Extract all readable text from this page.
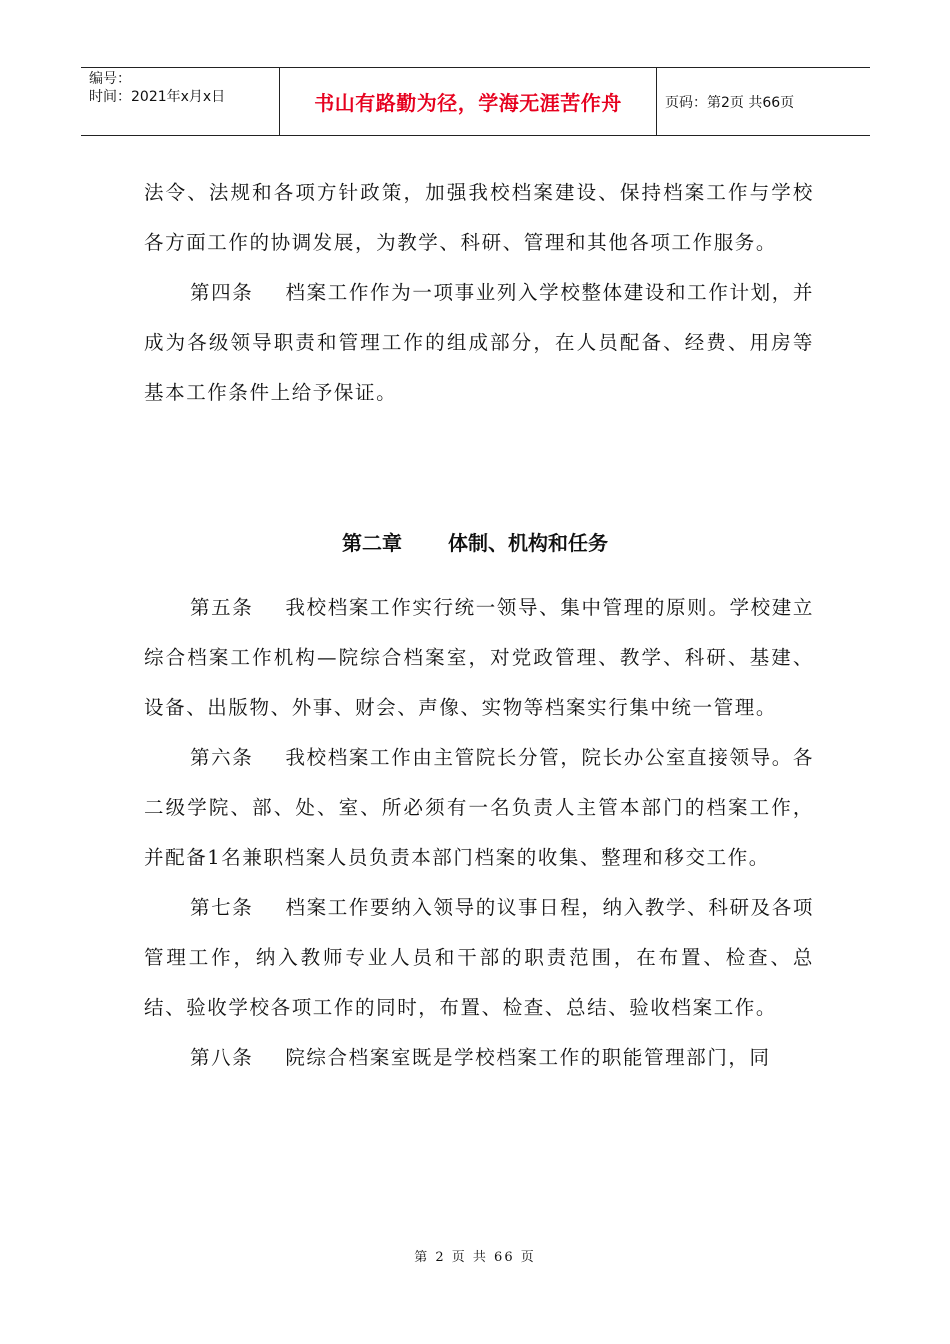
编号：
时间：2021年x月x日	书山有路勤为径，学海无涯苦作舟	页码：第2页 共66页

法令、法规和各项方针政策，加强我校档案建设、保持档案工作与学校各方面工作的协调发展，为教学、科研、管理和其他各项工作服务。

第四条 档案工作作为一项事业列入学校整体建设和工作计划，并成为各级领导职责和管理工作的组成部分，在人员配备、经费、用房等基本工作条件上给予保证。

第二章 体制、机构和任务

第五条 我校档案工作实行统一领导、集中管理的原则。学校建立综合档案工作机构—院综合档案室，对党政管理、教学、科研、基建、设备、出版物、外事、财会、声像、实物等档案实行集中统一管理。

第六条 我校档案工作由主管院长分管，院长办公室直接领导。各二级学院、部、处、室、所必须有一名负责人主管本部门的档案工作，并配备1名兼职档案人员负责本部门档案的收集、整理和移交工作。

第七条 档案工作要纳入领导的议事日程，纳入教学、科研及各项管理工作，纳入教师专业人员和干部的职责范围，在布置、检查、总结、验收学校各项工作的同时，布置、检查、总结、验收档案工作。

第八条 院综合档案室既是学校档案工作的职能管理部门，同

第 2 页 共 66 页
